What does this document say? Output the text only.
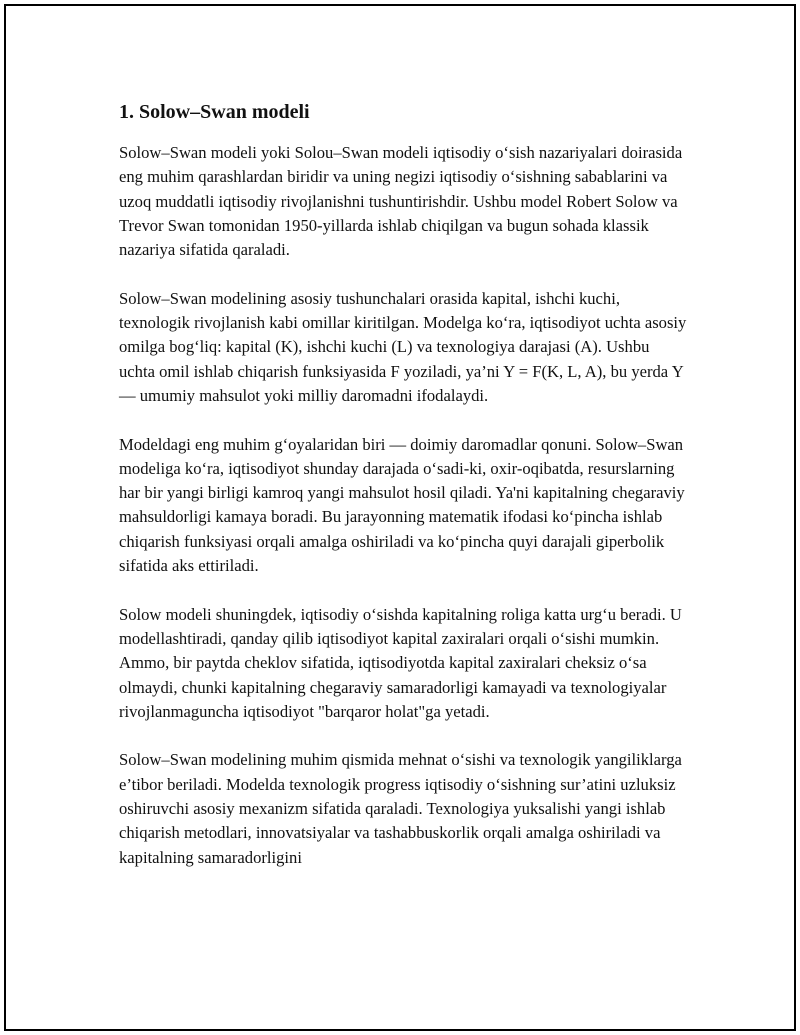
1. Solow–Swan modeli

Solow–Swan modeli yoki Solou–Swan modeli iqtisodiy o‘sish nazariyalari doirasida eng muhim qarashlardan biridir va uning negizi iqtisodiy o‘sishning sabablarini va uzoq muddatli iqtisodiy rivojlanishni tushuntirishdir. Ushbu model Robert Solow va Trevor Swan tomonidan 1950-yillarda ishlab chiqilgan va bugun sohada klassik nazariya sifatida qaraladi.

Solow–Swan modelining asosiy tushunchalari orasida kapital, ishchi kuchi, texnologik rivojlanish kabi omillar kiritilgan. Modelga ko‘ra, iqtisodiyot uchta asosiy omilga bog‘liq: kapital (K), ishchi kuchi (L) va texnologiya darajasi (A). Ushbu uchta omil ishlab chiqarish funksiyasida F yoziladi, ya’ni Y = F(K, L, A), bu yerda Y — umumiy mahsulot yoki milliy daromadni ifodalaydi.

Modeldagi eng muhim g‘oyalaridan biri — doimiy daromadlar qonuni. Solow–Swan modeliga ko‘ra, iqtisodiyot shunday darajada o‘sadi-ki, oxir-oqibatda, resurslarning har bir yangi birligi kamroq yangi mahsulot hosil qiladi. Ya'ni kapitalning chegaraviy mahsuldorligi kamaya boradi. Bu jarayonning matematik ifodasi ko‘pincha ishlab chiqarish funksiyasi orqali amalga oshiriladi va ko‘pincha quyi darajali giperbolik sifatida aks ettiriladi.

Solow modeli shuningdek, iqtisodiy o‘sishda kapitalning roliga katta urg‘u beradi. U modellashtiradi, qanday qilib iqtisodiyot kapital zaxiralari orqali o‘sishi mumkin. Ammo, bir paytda cheklov sifatida, iqtisodiyotda kapital zaxiralari cheksiz o‘sa olmaydi, chunki kapitalning chegaraviy samaradorligi kamayadi va texnologiyalar rivojlanmaguncha iqtisodiyot "barqaror holat"ga yetadi.

Solow–Swan modelining muhim qismida mehnat o‘sishi va texnologik yangiliklarga e’tibor beriladi. Modelda texnologik progress iqtisodiy o‘sishning sur’atini uzluksiz oshiruvchi asosiy mexanizm sifatida qaraladi. Texnologiya yuksalishi yangi ishlab chiqarish metodlari, innovatsiyalar va tashabbuskorlik orqali amalga oshiriladi va kapitalning samaradorligini
